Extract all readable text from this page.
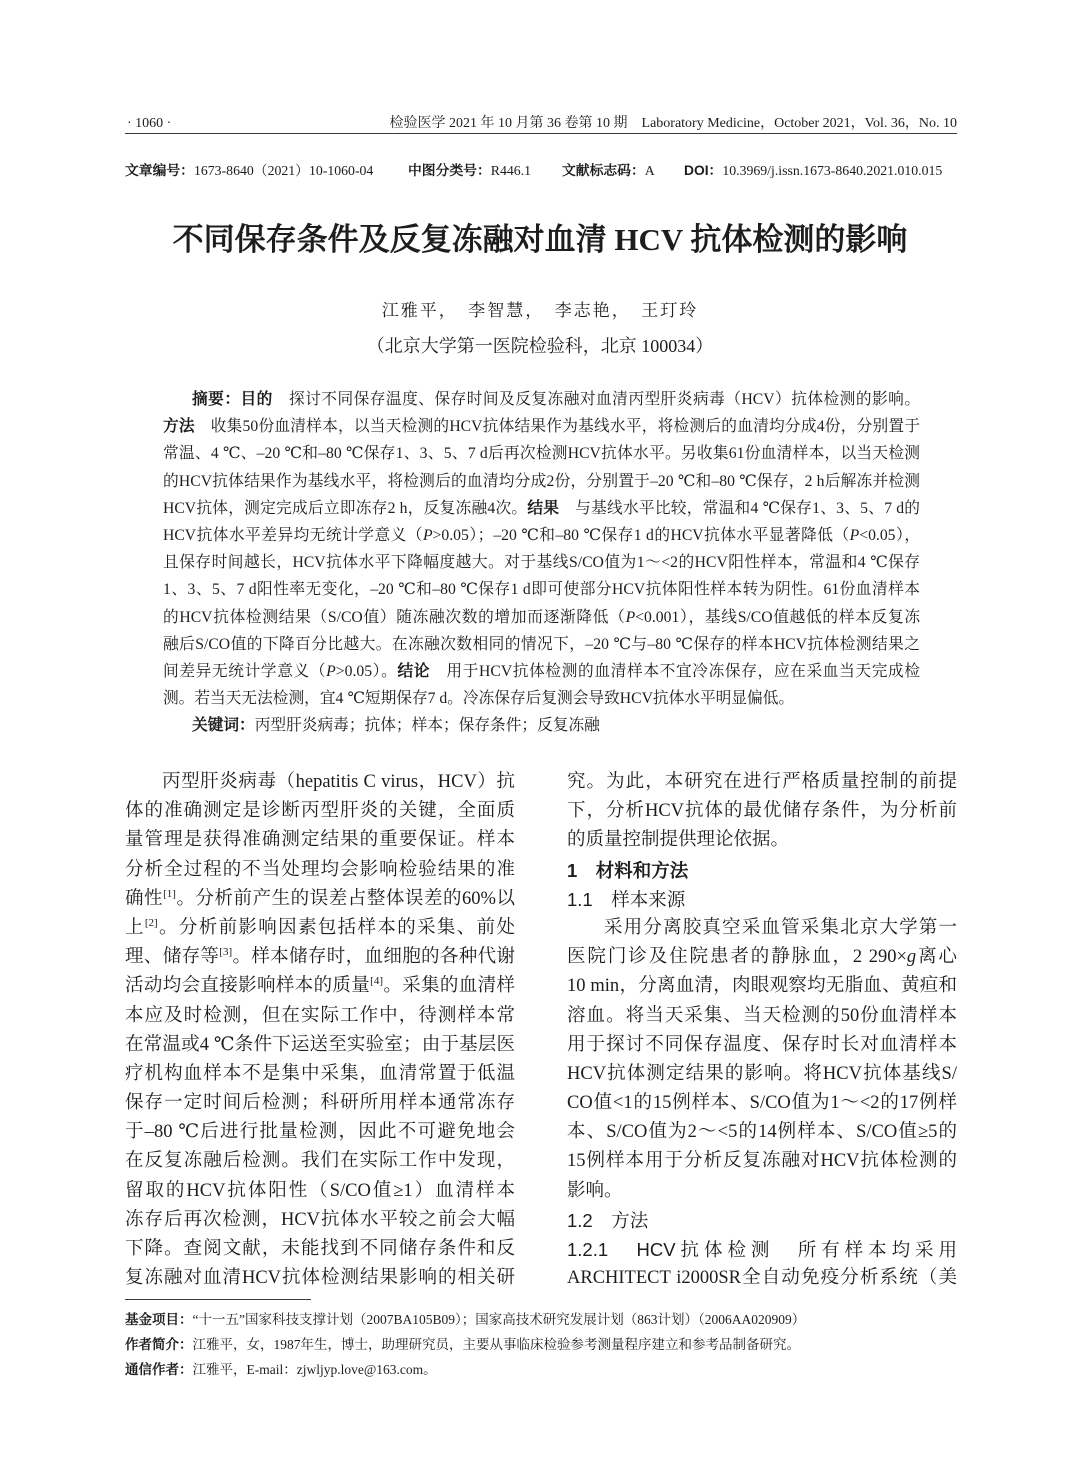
· 1060 ·	检验医学 2021 年 10 月第 36 卷第 10 期　Laboratory Medicine，October 2021，Vol. 36，No. 10
文章编号：1673-8640（2021）10-1060-04	中图分类号：R446.1 文献标志码：A DOI：10.3969/j.issn.1673-8640.2021.010.015
不同保存条件及反复冻融对血清 HCV 抗体检测的影响
江雅平，　李智慧，　李志艳，　王玎玲
（北京大学第一医院检验科，北京 100034）
摘要：目的　探讨不同保存温度、保存时间及反复冻融对血清丙型肝炎病毒（HCV）抗体检测的影响。
方法　收集50份血清样本，以当天检测的HCV抗体结果作为基线水平，将检测后的血清均分成4份，分别置于
常温、4 ℃、–20 ℃和–80 ℃保存1、3、5、7 d后再次检测HCV抗体水平。另收集61份血清样本，以当天检测
的HCV抗体结果作为基线水平，将检测后的血清均分成2份，分别置于–20 ℃和–80 ℃保存，2 h后解冻并检测
HCV抗体，测定完成后立即冻存2 h，反复冻融4次。结果　与基线水平比较，常温和4 ℃保存1、3、5、7 d的
HCV抗体水平差异均无统计学意义（P>0.05）；–20 ℃和–80 ℃保存1 d的HCV抗体水平显著降低（P<0.05），
且保存时间越长，HCV抗体水平下降幅度越大。对于基线S/CO值为1～<2的HCV阳性样本，常温和4 ℃保存
1、3、5、7 d阳性率无变化，–20 ℃和–80 ℃保存1 d即可使部分HCV抗体阳性样本转为阴性。61份血清样本
的HCV抗体检测结果（S/CO值）随冻融次数的增加而逐渐降低（P<0.001），基线S/CO值越低的样本反复冻
融后S/CO值的下降百分比越大。在冻融次数相同的情况下，–20 ℃与–80 ℃保存的样本HCV抗体检测结果之
间差异无统计学意义（P>0.05）。结论　用于HCV抗体检测的血清样本不宜冷冻保存，应在采血当天完成检
测。若当天无法检测，宜4 ℃短期保存7 d。冷冻保存后复测会导致HCV抗体水平明显偏低。
关键词：丙型肝炎病毒；抗体；样本；保存条件；反复冻融
丙型肝炎病毒（hepatitis C virus，HCV）抗
体的准确测定是诊断丙型肝炎的关键，全面质
量管理是获得准确测定结果的重要保证。样本
分析全过程的不当处理均会影响检验结果的准
确性[1]。分析前产生的误差占整体误差的60%以
上[2]。分析前影响因素包括样本的采集、前处
理、储存等[3]。样本储存时，血细胞的各种代谢
活动均会直接影响样本的质量[4]。采集的血清样
本应及时检测，但在实际工作中，待测样本常
在常温或4 ℃条件下运送至实验室；由于基层医
疗机构血样本不是集中采集，血清常置于低温
保存一定时间后检测；科研所用样本通常冻存
于–80 ℃后进行批量检测，因此不可避免地会
在反复冻融后检测。我们在实际工作中发现，
留取的HCV抗体阳性（S/CO值≥1）血清样本
冻存后再次检测，HCV抗体水平较之前会大幅
下降。查阅文献，未能找到不同储存条件和反
复冻融对血清HCV抗体检测结果影响的相关研
究。为此，本研究在进行严格质量控制的前提
下，分析HCV抗体的最优储存条件，为分析前
的质量控制提供理论依据。
1　材料和方法
1.1　样本来源
采用分离胶真空采血管采集北京大学第一
医院门诊及住院患者的静脉血，2 290×g离心
10 min，分离血清，肉眼观察均无脂血、黄疸和
溶血。将当天采集、当天检测的50份血清样本
用于探讨不同保存温度、保存时长对血清样本
HCV抗体测定结果的影响。将HCV抗体基线S/
CO值<1的15例样本、S/CO值为1～<2的17例样
本、S/CO值为2～<5的14例样本、S/CO值≥5的
15例样本用于分析反复冻融对HCV抗体检测的
影响。
1.2　方法
1.2.1　HCV抗体检测　所有样本均采用
ARCHITECT i2000SR全自动免疫分析系统（美
基金项目：“十一五”国家科技支撑计划（2007BA105B09）；国家高技术研究发展计划（863计划）（2006AA020909）
作者简介：江雅平，女，1987年生，博士，助理研究员，主要从事临床检验参考测量程序建立和参考品制备研究。
通信作者：江雅平，E-mail：zjwljyp.love@163.com。
